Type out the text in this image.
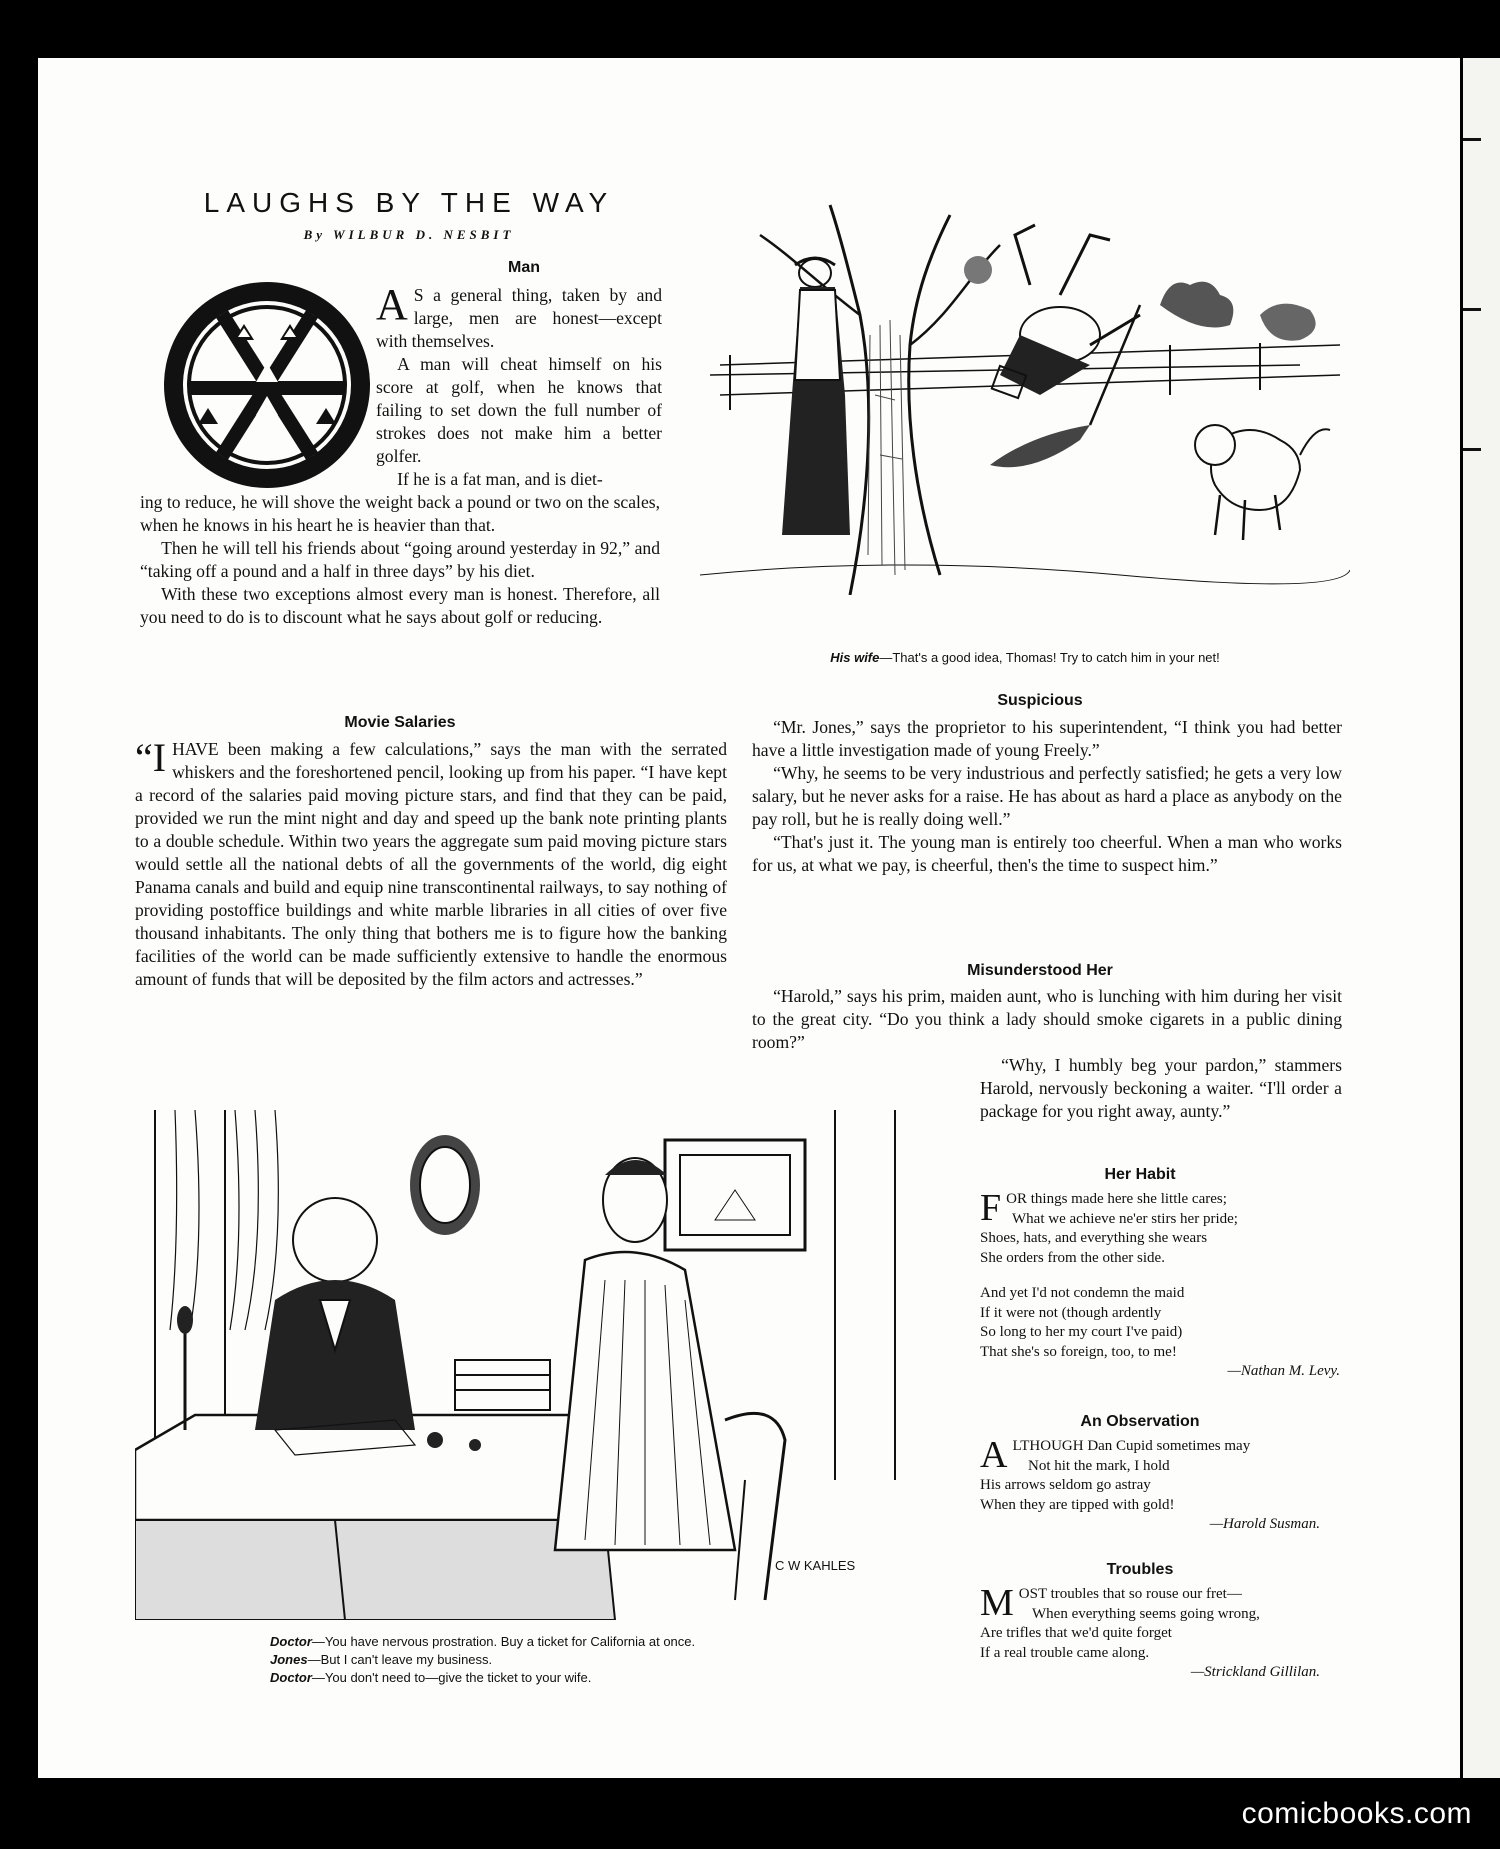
comicbooks.com
LAUGHS BY THE WAY
By WILBUR D. NESBIT
Man
A S a general thing, taken by and large, men are honest—except with themselves.

A man will cheat himself on his score at golf, when he knows that failing to set down the full number of strokes does not make him a better golfer.

If he is a fat man, and is diet-

ing to reduce, he will shove the weight back a pound or two on the scales, when he knows in his heart he is heavier than that.

Then he will tell his friends about “going around yesterday in 92,” and “taking off a pound and a half in three days” by his diet.

With these two exceptions almost every man is honest. Therefore, all you need to do is to discount what he says about golf or reducing.

His wife—That's a good idea, Thomas! Try to catch him in your net!
Movie Salaries
“IHAVE been making a few calculations,” says the man with the serrated whiskers and the foreshortened pencil, looking up from his paper. “I have kept a record of the salaries paid moving picture stars, and find that they can be paid, provided we run the mint night and day and speed up the bank note printing plants to a double schedule. Within two years the aggregate sum paid moving picture stars would settle all the national debts of all the governments of the world, dig eight Panama canals and build and equip nine transcontinental railways, to say nothing of providing postoffice buildings and white marble libraries in all cities of over five thousand inhabitants. The only thing that bothers me is to figure how the banking facilities of the world can be made sufficiently extensive to handle the enormous amount of funds that will be deposited by the film actors and actresses.”
Suspicious

“Mr. Jones,” says the proprietor to his superintendent, “I think you had better have a little investigation made of young Freely.”

“Why, he seems to be very industrious and perfectly satisfied; he gets a very low salary, but he never asks for a raise. He has about as hard a place as anybody on the pay roll, but he is really doing well.”

“That's just it. The young man is entirely too cheerful. When a man who works for us, at what we pay, is cheerful, then's the time to suspect him.”

Misunderstood Her

“Harold,” says his prim, maiden aunt, who is lunching with him during her visit to the great city. “Do you think a lady should smoke cigarets in a public dining room?”

“Why, I humbly beg your pardon,” stammers Harold, nervously beckoning a waiter. “I'll order a package for you right away, aunty.”

C W KAHLES
Doctor—You have nervous prostration. Buy a ticket for California at once.
Jones—But I can't leave my business.
Doctor—You don't need to—give the ticket to your wife.
Her Habit
FOR things made here she little cares;
What we achieve ne'er stirs her pride;
Shoes, hats, and everything she wears
She orders from the other side.
And yet I'd not condemn the maid
If it were not (though ardently
So long to her my court I've paid)
That she's so foreign, too, to me!
—Nathan M. Levy.
An Observation
ALTHOUGH Dan Cupid sometimes may
Not hit the mark, I hold
His arrows seldom go astray
When they are tipped with gold!
—Harold Susman.
Troubles
MOST troubles that so rouse our fret—
When everything seems going wrong,
Are trifles that we'd quite forget
If a real trouble came along.
—Strickland Gillilan.
